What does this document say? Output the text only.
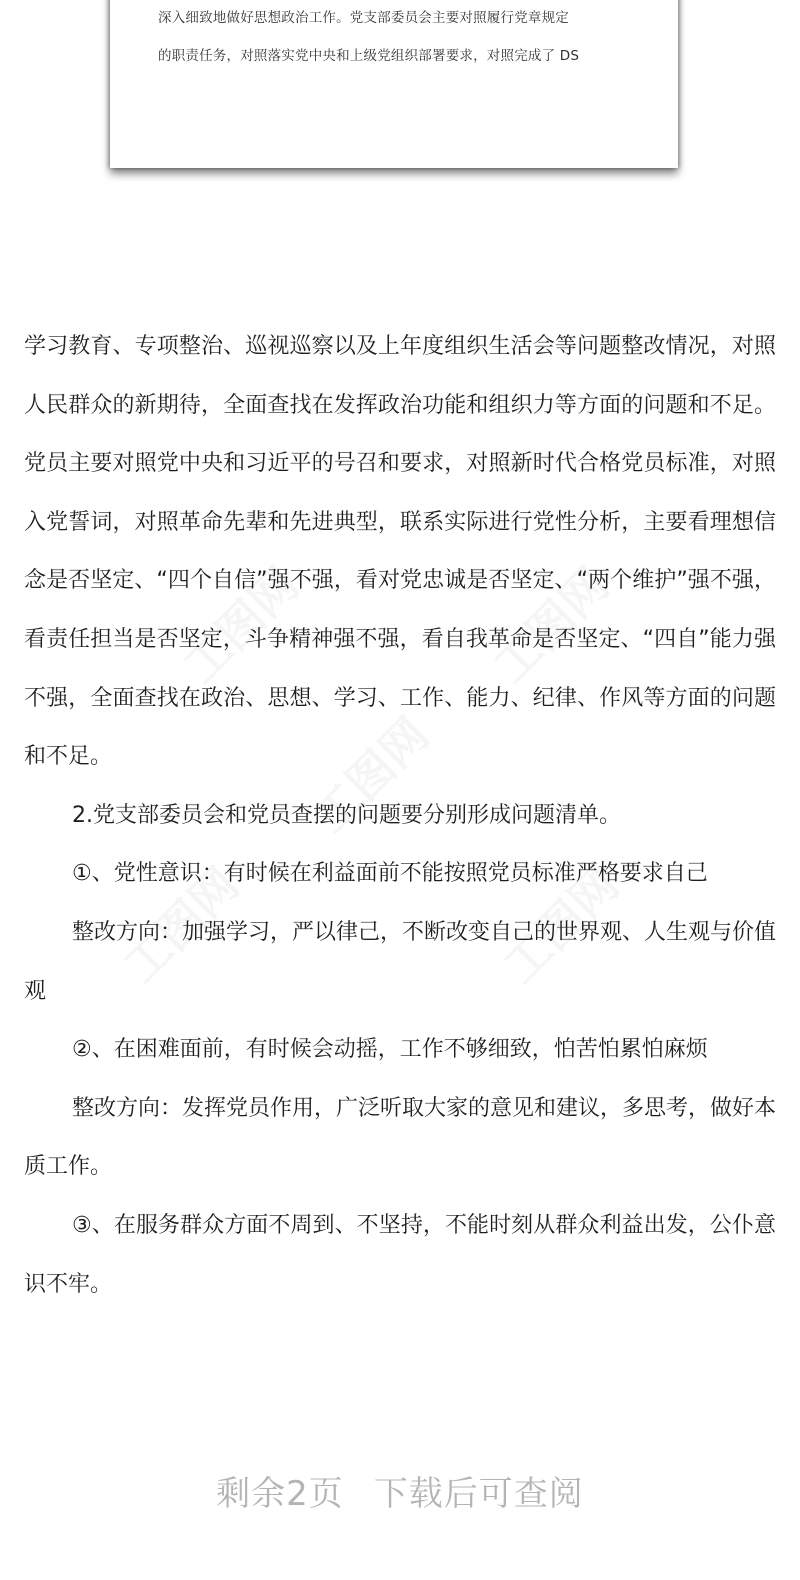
深入细致地做好思想政治工作。党支部委员会主要对照履行党章规定
的职责任务，对照落实党中央和上级党组织部署要求，对照完成了 DS
工图网	工图网
工图网
工图网	工图网

学习教育、专项整治、巡视巡察以及上年度组织生活会等问题整改情况，对照人民群众的新期待，全面查找在发挥政治功能和组织力等方面的问题和不足。党员主要对照党中央和习近平的号召和要求，对照新时代合格党员标准，对照入党誓词，对照革命先辈和先进典型，联系实际进行党性分析，主要看理想信念是否坚定、“四个自信”强不强，看对党忠诚是否坚定、“两个维护”强不强，看责任担当是否坚定，斗争精神强不强，看自我革命是否坚定、“四自”能力强不强，全面查找在政治、思想、学习、工作、能力、纪律、作风等方面的问题和不足。

2.党支部委员会和党员查摆的问题要分别形成问题清单。

①、党性意识：有时候在利益面前不能按照党员标准严格要求自己

整改方向：加强学习，严以律己，不断改变自己的世界观、人生观与价值观

②、在困难面前，有时候会动摇，工作不够细致，怕苦怕累怕麻烦

整改方向：发挥党员作用，广泛听取大家的意见和建议，多思考，做好本质工作。

③、在服务群众方面不周到、不坚持，不能时刻从群众利益出发，公仆意识不牢。

剩余2页 下载后可查阅
